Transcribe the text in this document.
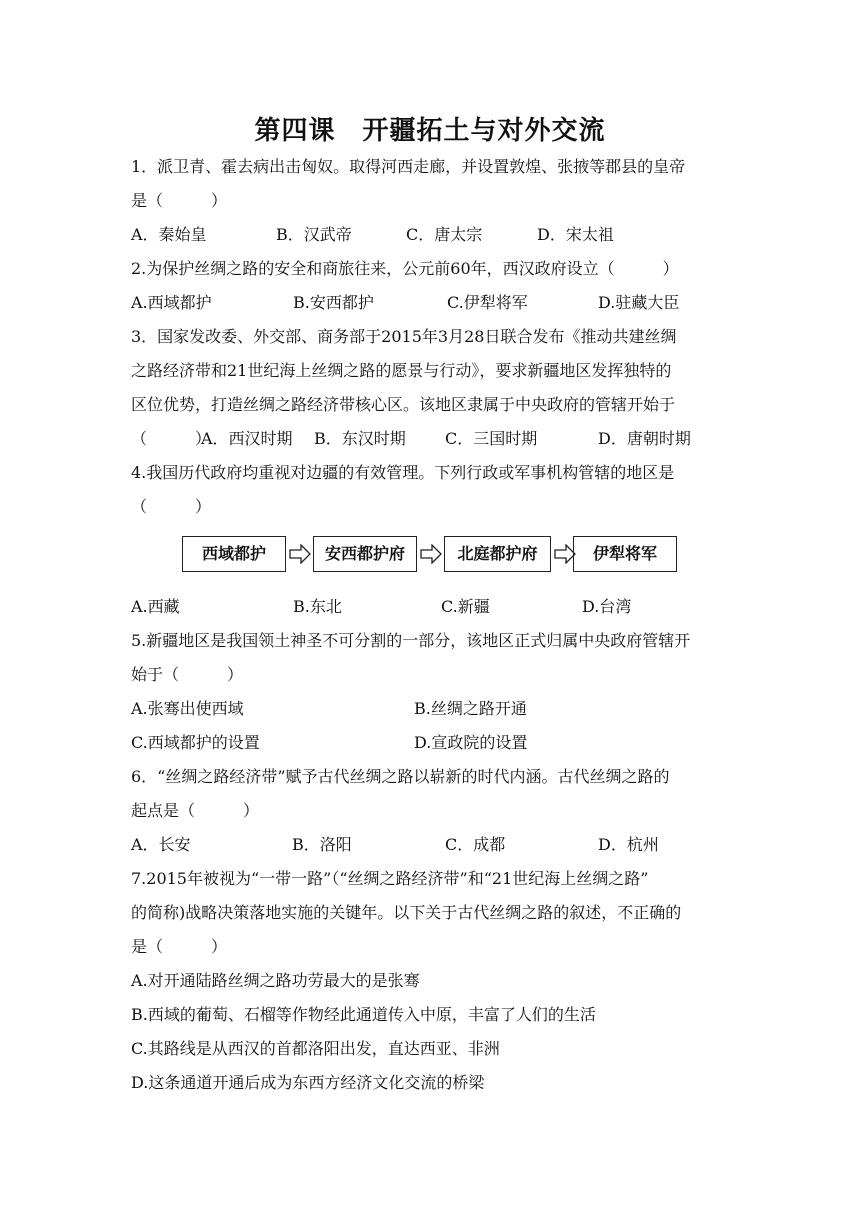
第四课　开疆拓土与对外交流
1．派卫青、霍去病出击匈奴。取得河西走廊，并设置敦煌、张掖等郡县的皇帝
是（　　　）
A．秦始皇	B．汉武帝	C．唐太宗	D．宋太祖
2.为保护丝绸之路的安全和商旅往来，公元前60年，西汉政府设立（　　　）
A.西域都护	B.安西都护	C.伊犁将军	D.驻藏大臣
3．国家发改委、外交部、商务部于2015年3月28日联合发布《推动共建丝绸
之路经济带和21世纪海上丝绸之路的愿景与行动》，要求新疆地区发挥独特的
区位优势，打造丝绸之路经济带核心区。该地区隶属于中央政府的管辖开始于
（　　　）
A．西汉时期 B．东汉时期 C．三国时期	D．唐朝时期
4.我国历代政府均重视对边疆的有效管理。下列行政或军事机构管辖的地区是
（　　　）
西域都护	安西都护府	北庭都护府	伊犁将军
A.西藏	B.东北	C.新疆	D.台湾
5.新疆地区是我国领土神圣不可分割的一部分，该地区正式归属中央政府管辖开
始于（　　　）
A.张骞出使西域	B.丝绸之路开通
C.西域都护的设置	D.宣政院的设置
6．“丝绸之路经济带”赋予古代丝绸之路以崭新的时代内涵。古代丝绸之路的
起点是（　　　）
A．长安	B．洛阳	C．成都	D．杭州
7.2015年被视为“一带一路”（“丝绸之路经济带”和“21世纪海上丝绸之路”
的简称)战略决策落地实施的关键年。以下关于古代丝绸之路的叙述，不正确的
是（　　　）
A.对开通陆路丝绸之路功劳最大的是张骞
B.西域的葡萄、石榴等作物经此通道传入中原，丰富了人们的生活
C.其路线是从西汉的首都洛阳出发，直达西亚、非洲
D.这条通道开通后成为东西方经济文化交流的桥梁
